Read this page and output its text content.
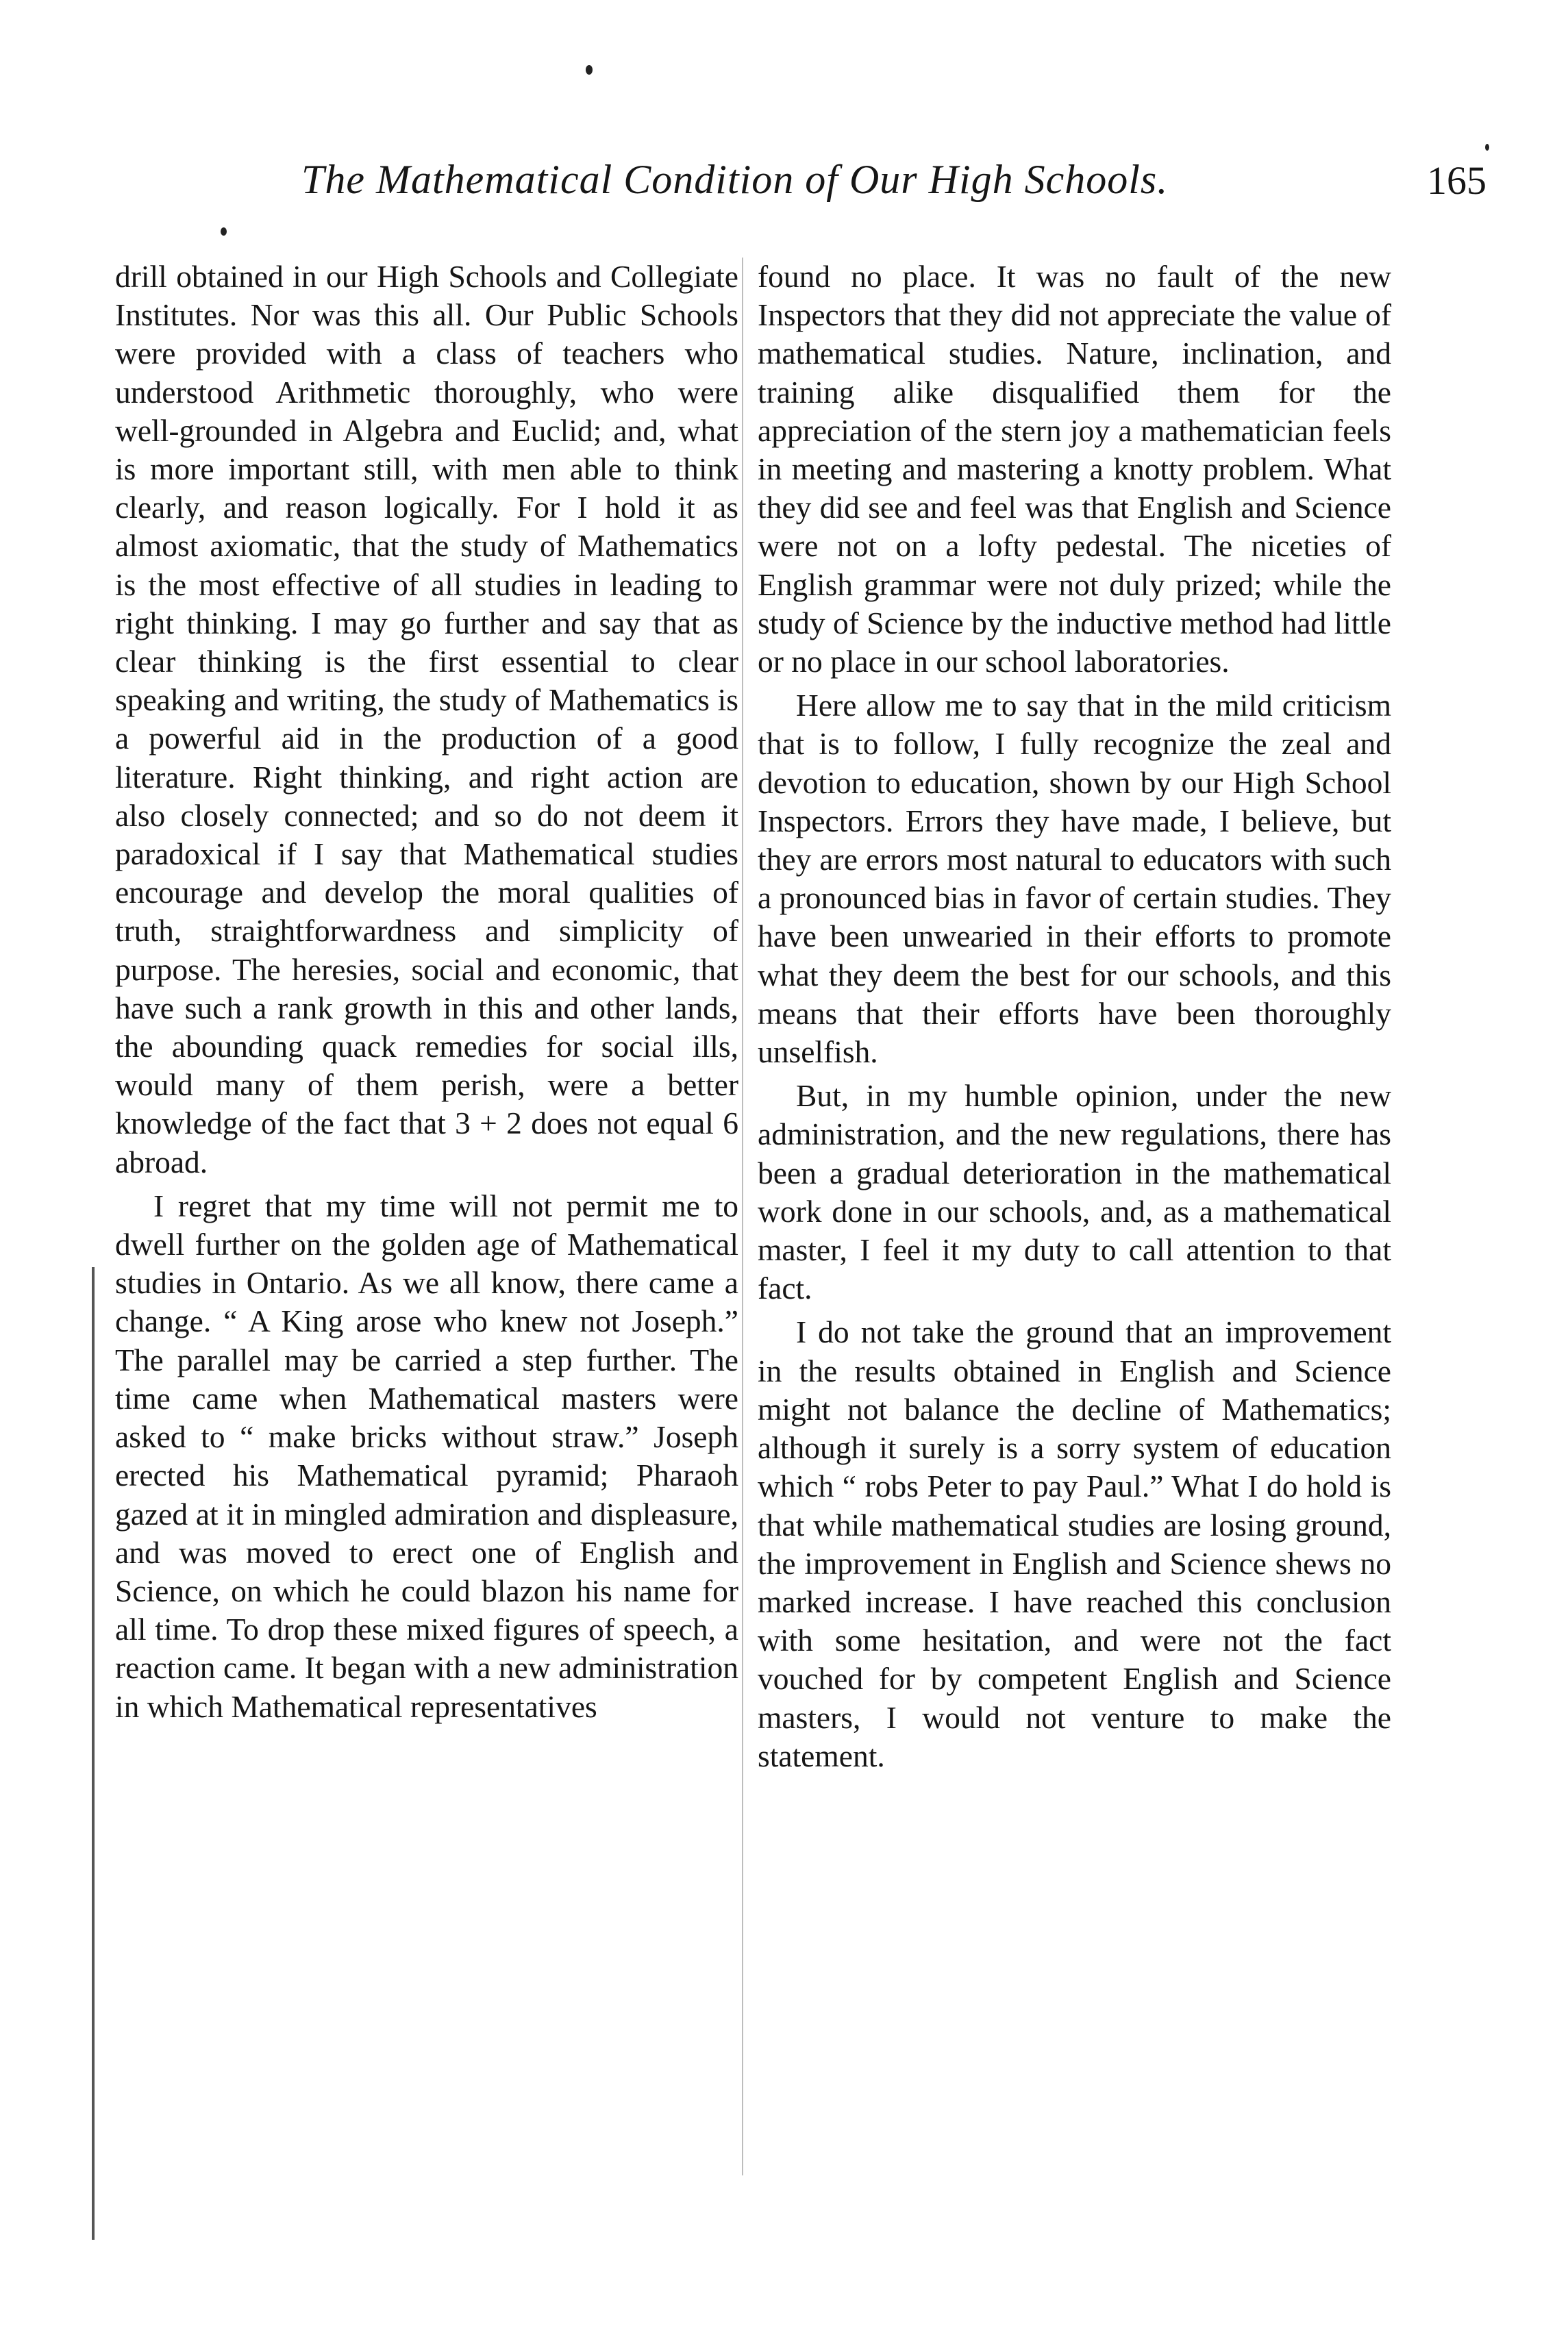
The Mathematical Condition of Our High Schools.	165

drill obtained in our High Schools and Collegiate Institutes. Nor was this all. Our Public Schools were provided with a class of teachers who understood Arithmetic thoroughly, who were well-grounded in Algebra and Euclid; and, what is more important still, with men able to think clearly, and reason logically. For I hold it as almost axiomatic, that the study of Mathematics is the most effective of all studies in leading to right thinking. I may go further and say that as clear thinking is the first essential to clear speaking and writing, the study of Mathematics is a powerful aid in the production of a good literature. Right thinking, and right action are also closely connected; and so do not deem it paradoxical if I say that Mathematical studies encourage and develop the moral qualities of truth, straightforwardness and simplicity of purpose. The heresies, social and economic, that have such a rank growth in this and other lands, the abounding quack remedies for social ills, would many of them perish, were a better knowledge of the fact that 3 + 2 does not equal 6 abroad.

I regret that my time will not permit me to dwell further on the golden age of Mathematical studies in Ontario. As we all know, there came a change. “ A King arose who knew not Joseph.” The parallel may be carried a step further. The time came when Mathematical masters were asked to “ make bricks without straw.” Joseph erected his Mathematical pyramid; Pharaoh gazed at it in mingled admiration and displeasure, and was moved to erect one of English and Science, on which he could blazon his name for all time. To drop these mixed figures of speech, a reaction came. It began with a new administration in which Mathematical representatives

found no place. It was no fault of the new Inspectors that they did not appreciate the value of mathematical studies. Nature, inclination, and training alike disqualified them for the appreciation of the stern joy a mathematician feels in meeting and mastering a knotty problem. What they did see and feel was that English and Science were not on a lofty pedestal. The niceties of English grammar were not duly prized; while the study of Science by the inductive method had little or no place in our school laboratories.

Here allow me to say that in the mild criticism that is to follow, I fully recognize the zeal and devotion to education, shown by our High School Inspectors. Errors they have made, I believe, but they are errors most natural to educators with such a pronounced bias in favor of certain studies. They have been unwearied in their efforts to promote what they deem the best for our schools, and this means that their efforts have been thoroughly unselfish.

But, in my humble opinion, under the new administration, and the new regulations, there has been a gradual deterioration in the mathematical work done in our schools, and, as a mathematical master, I feel it my duty to call attention to that fact.

I do not take the ground that an improvement in the results obtained in English and Science might not balance the decline of Mathematics; although it surely is a sorry system of education which “ robs Peter to pay Paul.” What I do hold is that while mathematical studies are losing ground, the improvement in English and Science shews no marked increase. I have reached this conclusion with some hesitation, and were not the fact vouched for by competent English and Science masters, I would not venture to make the statement.
